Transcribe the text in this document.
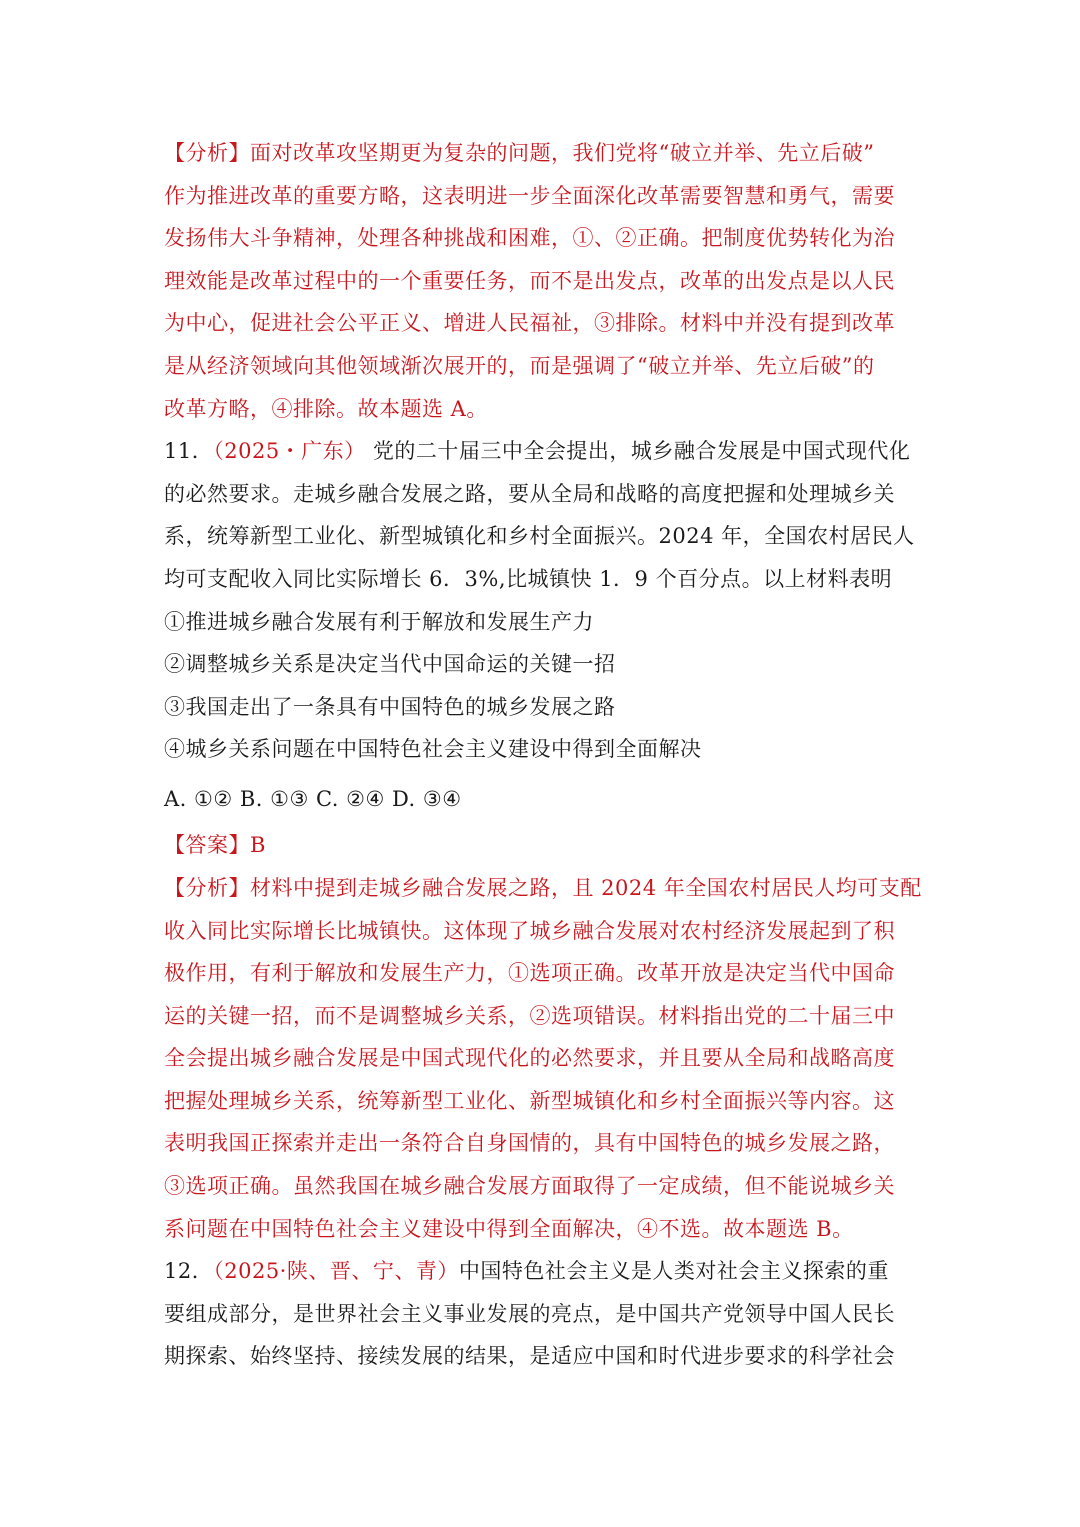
【分析】面对改革攻坚期更为复杂的问题，我们党将“破立并举、先立后破”
作为推进改革的重要方略，这表明进一步全面深化改革需要智慧和勇气，需要
发扬伟大斗争精神，处理各种挑战和困难，①、②正确。把制度优势转化为治
理效能是改革过程中的一个重要任务，而不是出发点，改革的出发点是以人民
为中心，促进社会公平正义、增进人民福祉，③排除。材料中并没有提到改革
是从经济领域向其他领域渐次展开的，而是强调了“破立并举、先立后破”的
改革方略，④排除。故本题选 A。
11．（2025・广东） 党的二十届三中全会提出，城乡融合发展是中国式现代化
的必然要求。走城乡融合发展之路，要从全局和战略的高度把握和处理城乡关
系，统筹新型工业化、新型城镇化和乡村全面振兴。2024 年，全国农村居民人
均可支配收入同比实际增长 6．3%,比城镇快 1．9 个百分点。以上材料表明
①推进城乡融合发展有利于解放和发展生产力
②调整城乡关系是决定当代中国命运的关键一招
③我国走出了一条具有中国特色的城乡发展之路
④城乡关系问题在中国特色社会主义建设中得到全面解决
A. ①② B. ①③ C. ②④ D. ③④
【答案】B
【分析】材料中提到走城乡融合发展之路，且 2024 年全国农村居民人均可支配
收入同比实际增长比城镇快。这体现了城乡融合发展对农村经济发展起到了积
极作用，有利于解放和发展生产力，①选项正确。改革开放是决定当代中国命
运的关键一招，而不是调整城乡关系，②选项错误。材料指出党的二十届三中
全会提出城乡融合发展是中国式现代化的必然要求，并且要从全局和战略高度
把握处理城乡关系，统筹新型工业化、新型城镇化和乡村全面振兴等内容。这
表明我国正探索并走出一条符合自身国情的，具有中国特色的城乡发展之路，
③选项正确。虽然我国在城乡融合发展方面取得了一定成绩，但不能说城乡关
系问题在中国特色社会主义建设中得到全面解决，④不选。故本题选 B。
12．（2025·陕、晋、宁、青）中国特色社会主义是人类对社会主义探索的重
要组成部分，是世界社会主义事业发展的亮点，是中国共产党领导中国人民长
期探索、始终坚持、接续发展的结果，是适应中国和时代进步要求的科学社会
